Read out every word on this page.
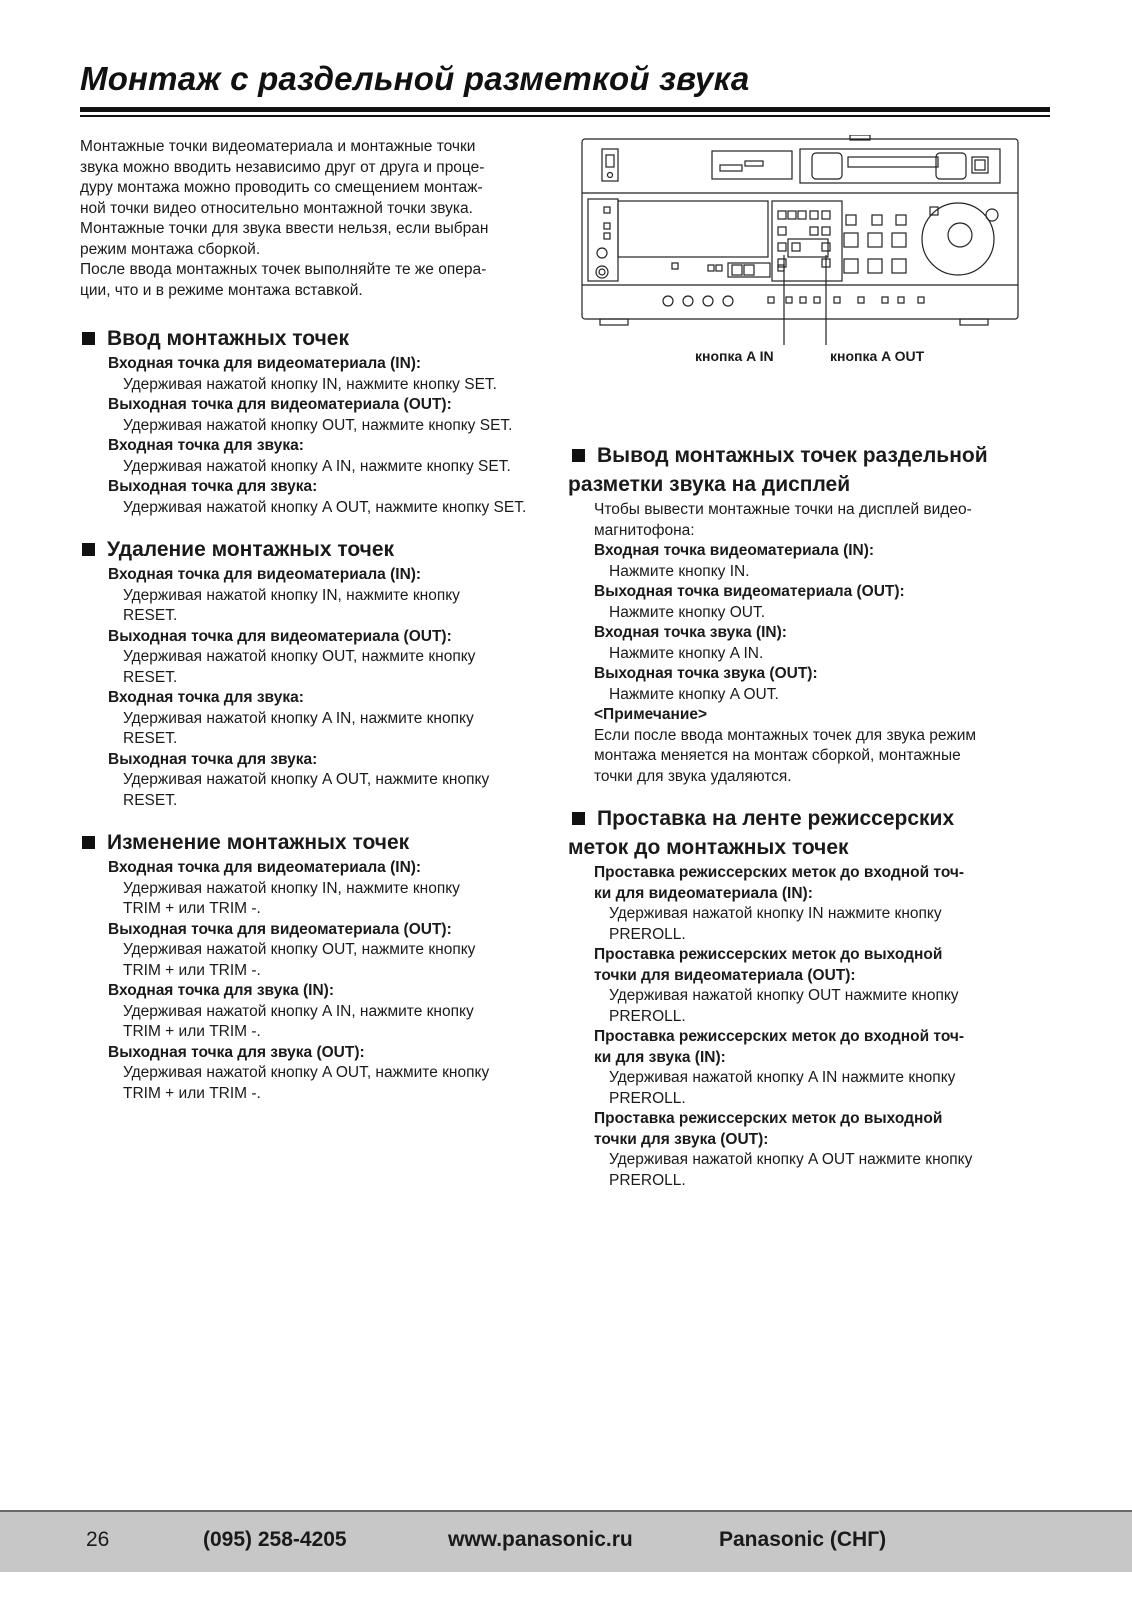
Монтаж с раздельной разметкой звука

Монтажные точки видеоматериала и монтажные точки

звука можно вводить независимо друг от друга и проце-

дуру монтажа можно проводить со смещением монтаж-

ной точки видео относительно монтажной точки звука.

Монтажные точки для звука ввести нельзя, если выбран

режим монтажа сборкой.

После ввода монтажных точек выполняйте те же опера-

ции, что и в режиме монтажа вставкой.

Ввод монтажных точек
Входная точка для видеоматериала (IN):
Удерживая нажатой кнопку IN, нажмите кнопку SET.
Выходная точка для видеоматериала (OUT):
Удерживая нажатой кнопку OUT, нажмите кнопку SET.
Входная точка для звука:
Удерживая нажатой кнопку A IN, нажмите кнопку SET.
Выходная точка для звука:
Удерживая нажатой кнопку A OUT, нажмите кнопку SET.
Удаление монтажных точек
Входная точка для видеоматериала (IN):
Удерживая нажатой кнопку IN, нажмите кнопку
RESET.
Выходная точка для видеоматериала (OUT):
Удерживая нажатой кнопку OUT, нажмите кнопку
RESET.
Входная точка для звука:
Удерживая нажатой кнопку A IN, нажмите кнопку
RESET.
Выходная точка для звука:
Удерживая нажатой кнопку A OUT, нажмите кнопку
RESET.
Изменение монтажных точек
Входная точка для видеоматериала (IN):
Удерживая нажатой кнопку IN, нажмите кнопку
TRIM + или TRIM -.
Выходная точка для видеоматериала (OUT):
Удерживая нажатой кнопку OUT, нажмите кнопку
TRIM + или TRIM -.
Входная точка для звука (IN):
Удерживая нажатой кнопку A IN, нажмите кнопку
TRIM + или TRIM -.
Выходная точка для звука (OUT):
Удерживая нажатой кнопку A OUT, нажмите кнопку
TRIM + или TRIM -.
кнопка A IN	кнопка A OUT
Вывод монтажных точек раздельной
разметки звука на дисплей
Чтобы вывести монтажные точки на дисплей видео-
магнитофона:
Входная точка видеоматериала (IN):
Нажмите кнопку IN.
Выходная точка видеоматериала (OUT):
Нажмите кнопку OUT.
Входная точка звука (IN):
Нажмите кнопку A IN.
Выходная точка звука (OUT):
Нажмите кнопку A OUT.
<Примечание>
Если после ввода монтажных точек для звука режим
монтажа меняется на монтаж сборкой, монтажные
точки для звука удаляются.
Проставка на ленте режиссерских
меток до монтажных точек
Проставка режиссерских меток до входной точ-
ки для видеоматериала (IN):
Удерживая нажатой кнопку IN нажмите кнопку
PREROLL.
Проставка режиссерских меток до выходной
точки для видеоматериала (OUT):
Удерживая нажатой кнопку OUT нажмите кнопку
PREROLL.
Проставка режиссерских меток до входной точ-
ки для звука (IN):
Удерживая нажатой кнопку A IN нажмите кнопку
PREROLL.
Проставка режиссерских меток до выходной
точки для звука (OUT):
Удерживая нажатой кнопку A OUT нажмите кнопку
PREROLL.
26	(095) 258-4205	www.panasonic.ru	Panasonic (СНГ)
